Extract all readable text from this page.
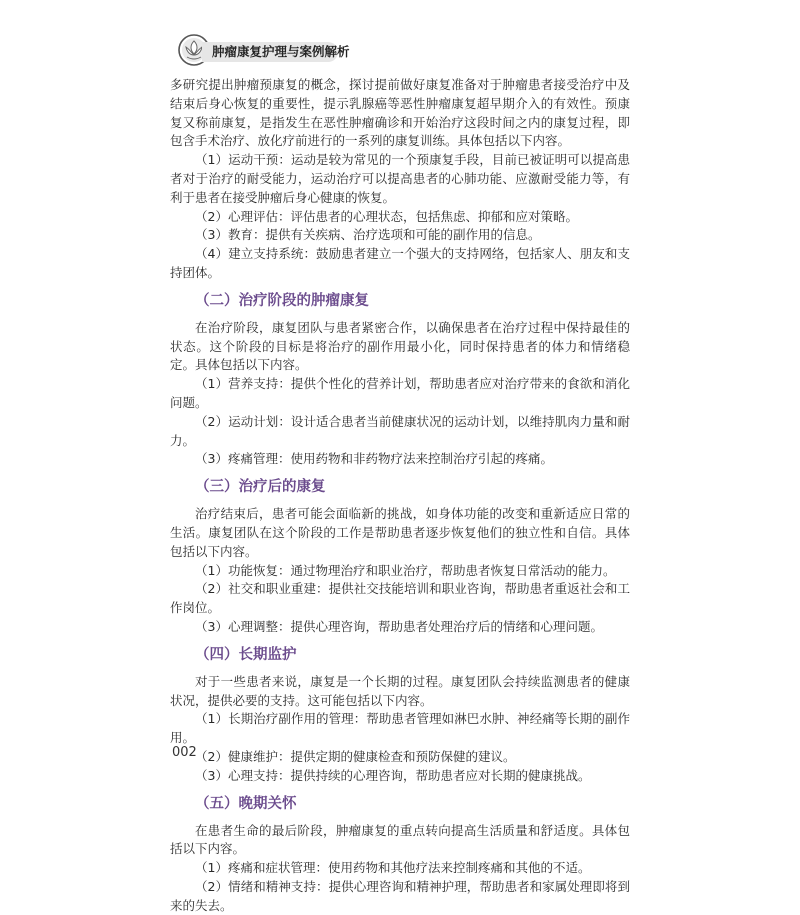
肿瘤康复护理与案例解析

多研究提出肿瘤预康复的概念，探讨提前做好康复准备对于肿瘤患者接受治疗中及结束后身心恢复的重要性，提示乳腺癌等恶性肿瘤康复超早期介入的有效性。预康复又称前康复，是指发生在恶性肿瘤确诊和开始治疗这段时间之内的康复过程，即包含手术治疗、放化疗前进行的一系列的康复训练。具体包括以下内容。

（1）运动干预：运动是较为常见的一个预康复手段，目前已被证明可以提高患者对于治疗的耐受能力，运动治疗可以提高患者的心肺功能、应激耐受能力等，有利于患者在接受肿瘤后身心健康的恢复。

（2）心理评估：评估患者的心理状态，包括焦虑、抑郁和应对策略。

（3）教育：提供有关疾病、治疗选项和可能的副作用的信息。

（4）建立支持系统：鼓励患者建立一个强大的支持网络，包括家人、朋友和支持团体。

（二）治疗阶段的肿瘤康复

在治疗阶段，康复团队与患者紧密合作，以确保患者在治疗过程中保持最佳的状态。这个阶段的目标是将治疗的副作用最小化，同时保持患者的体力和情绪稳定。具体包括以下内容。

（1）营养支持：提供个性化的营养计划，帮助患者应对治疗带来的食欲和消化问题。

（2）运动计划：设计适合患者当前健康状况的运动计划，以维持肌肉力量和耐力。

（3）疼痛管理：使用药物和非药物疗法来控制治疗引起的疼痛。

（三）治疗后的康复

治疗结束后，患者可能会面临新的挑战，如身体功能的改变和重新适应日常的生活。康复团队在这个阶段的工作是帮助患者逐步恢复他们的独立性和自信。具体包括以下内容。

（1）功能恢复：通过物理治疗和职业治疗，帮助患者恢复日常活动的能力。

（2）社交和职业重建：提供社交技能培训和职业咨询，帮助患者重返社会和工作岗位。

（3）心理调整：提供心理咨询，帮助患者处理治疗后的情绪和心理问题。

（四）长期监护

对于一些患者来说，康复是一个长期的过程。康复团队会持续监测患者的健康状况，提供必要的支持。这可能包括以下内容。

（1）长期治疗副作用的管理：帮助患者管理如淋巴水肿、神经痛等长期的副作用。

（2）健康维护：提供定期的健康检查和预防保健的建议。

（3）心理支持：提供持续的心理咨询，帮助患者应对长期的健康挑战。

（五）晚期关怀

在患者生命的最后阶段，肿瘤康复的重点转向提高生活质量和舒适度。具体包括以下内容。

（1）疼痛和症状管理：使用药物和其他疗法来控制疼痛和其他的不适。

（2）情绪和精神支持：提供心理咨询和精神护理，帮助患者和家属处理即将到来的失去。

002
